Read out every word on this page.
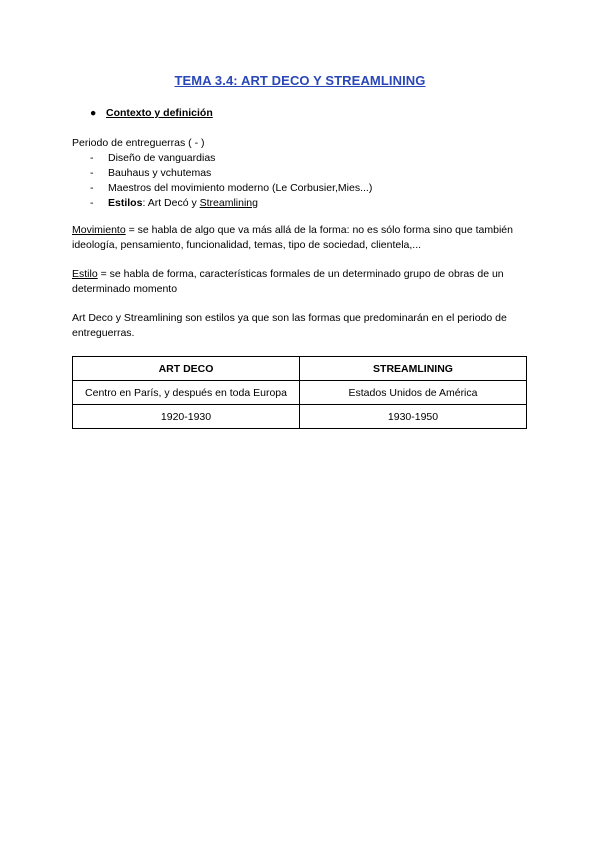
TEMA 3.4: ART DECO Y STREAMLINING
● Contexto y definición
Periodo de entreguerras ( - )
- Diseño de vanguardias
- Bauhaus y vchutemas
- Maestros del movimiento moderno (Le Corbusier,Mies...)
- Estilos: Art Decó y Streamlining
Movimiento = se habla de algo que va más allá de la forma: no es sólo forma sino que también ideología, pensamiento, funcionalidad, temas, tipo de sociedad, clientela,...
Estilo = se habla de forma, características formales de un determinado grupo de obras de un determinado momento
Art Deco y Streamlining son estilos ya que son las formas que predominarán en el periodo de entreguerras.
ART DECO	STREAMLINING
Centro en París, y después en toda Europa	Estados Unidos de América
1920-1930	1930-1950
